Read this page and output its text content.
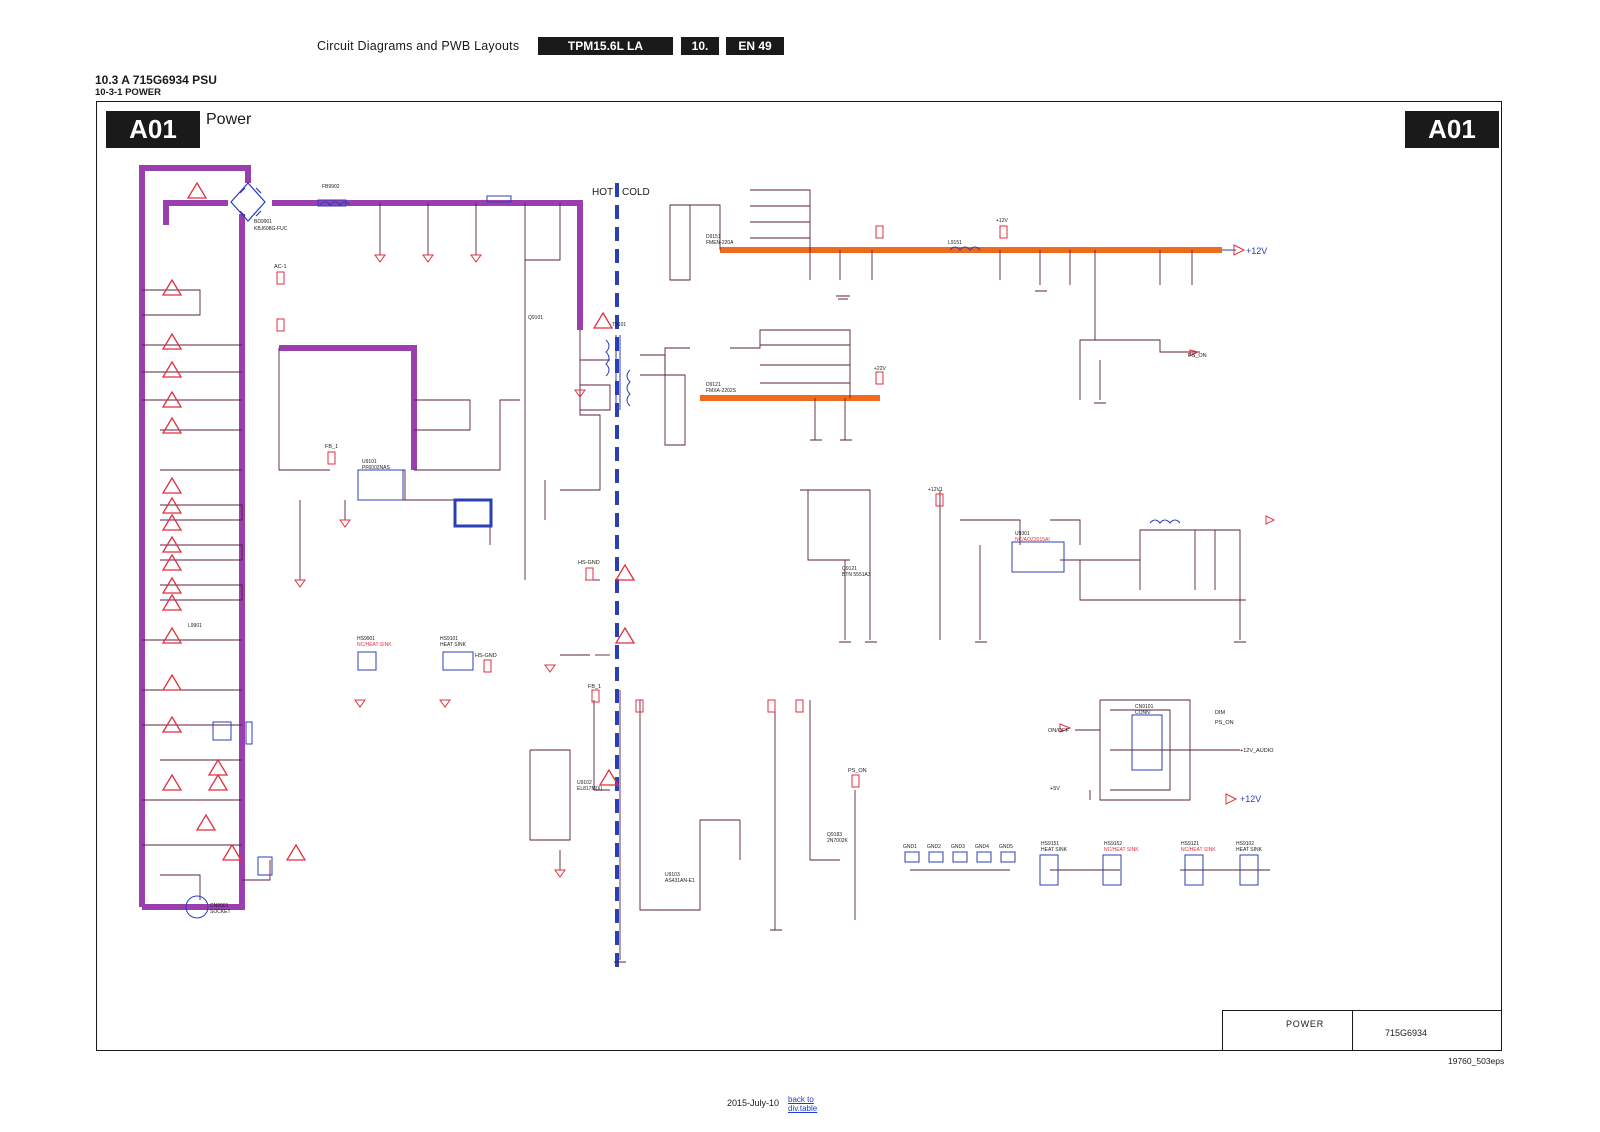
Circuit Diagrams and PWB Layouts	TPM15.6L LA	10.	EN 49
10.3 A 715G6934 PSU
10-3-1 POWER
A01	A01
Power
HOT COLD
BD9901
KBJ608G-FUC
+12V
+12V
+12V_AUDIO
+5V
PS_ON
PS_ON
PS_ON
DIM
ON/OFF
+22V
+12V1
+12V
FB_1
FB_1
AC-1
HS-GND
HS-GND
FB9902
L9901
U9101
PF6002NAS
T9101
Q9101
D9151
FMEN-220A
D9121
FMXA-2202S
L9151
U9301
NC/AOZ3015AI
CN9101
CONN
CN9901
SOCKET
U9102
EL817M(X)
U9103
AS431AN-E1
Q9183
2N7002K
Q9121
BTN 5551A3
HS9901
NC/HEAT SINK
HS9101
HEAT SINK
HS9151
HEAT SINK
HS9152
NC/HEAT SINK
HS9121
NC/HEAT SINK
HS9102
HEAT SINK
GND1 GND2 GND3 GND4 GND5
POWER
715G6934
19760_503eps
2015-July-10 back to
div.table
